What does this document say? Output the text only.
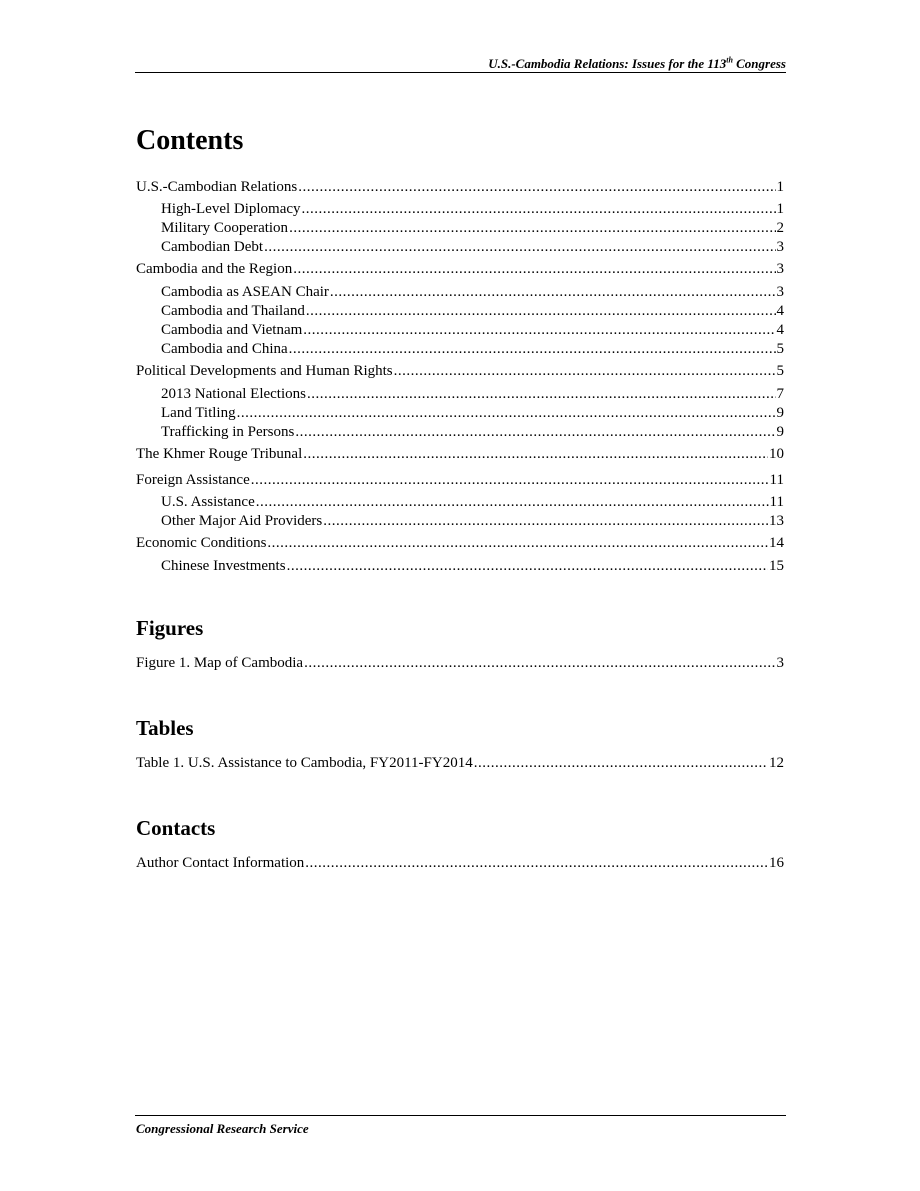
U.S.-Cambodia Relations: Issues for the 113th Congress
Contents
U.S.-Cambodian Relations .....	1
High-Level Diplomacy .....	1
Military Cooperation .....	2
Cambodian Debt .....	3
Cambodia and the Region .....	3
Cambodia as ASEAN Chair .....	3
Cambodia and Thailand .....	4
Cambodia and Vietnam .....	4
Cambodia and China .....	5
Political Developments and Human Rights .....	5
2013 National Elections .....	7
Land Titling .....	9
Trafficking in Persons .....	9
The Khmer Rouge Tribunal .....	10
Foreign Assistance .....	11
U.S. Assistance .....	11
Other Major Aid Providers .....	13
Economic Conditions .....	14
Chinese Investments .....	15
Figures
Figure 1. Map of Cambodia .....	3
Tables
Table 1. U.S. Assistance to Cambodia, FY2011-FY2014 .....	12
Contacts
Author Contact Information .....	16
Congressional Research Service
